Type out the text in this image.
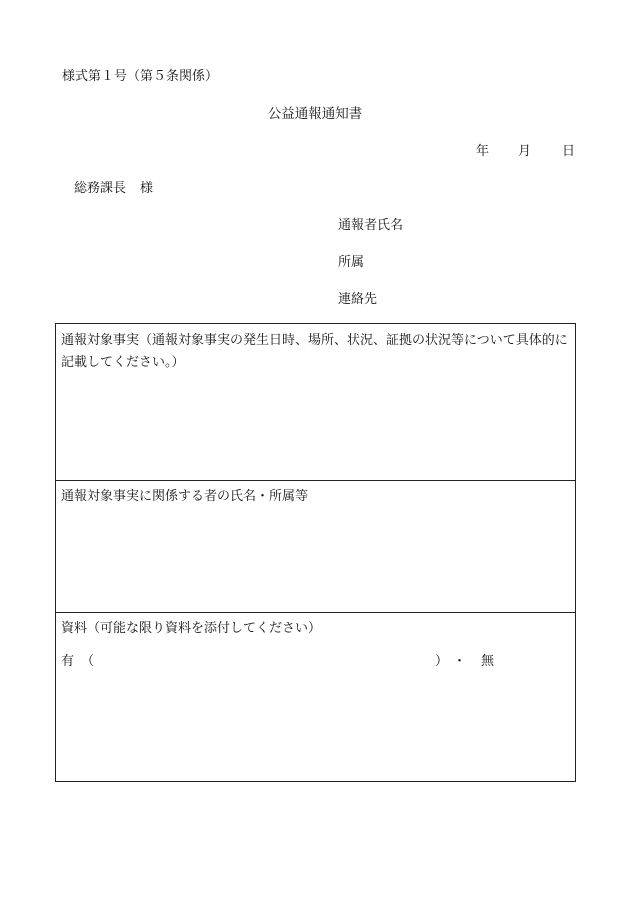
様式第１号（第５条関係）
公益通報通知書
年 月 日
総務課長 様
通報者氏名
所属
連絡先
通報対象事実（通報対象事実の発生日時、場所、状況、証拠の状況等について具体的に記載してください。）
通報対象事実に関係する者の氏名・所属等
資料（可能な限り資料を添付してください）
有 （	） ・ 無
